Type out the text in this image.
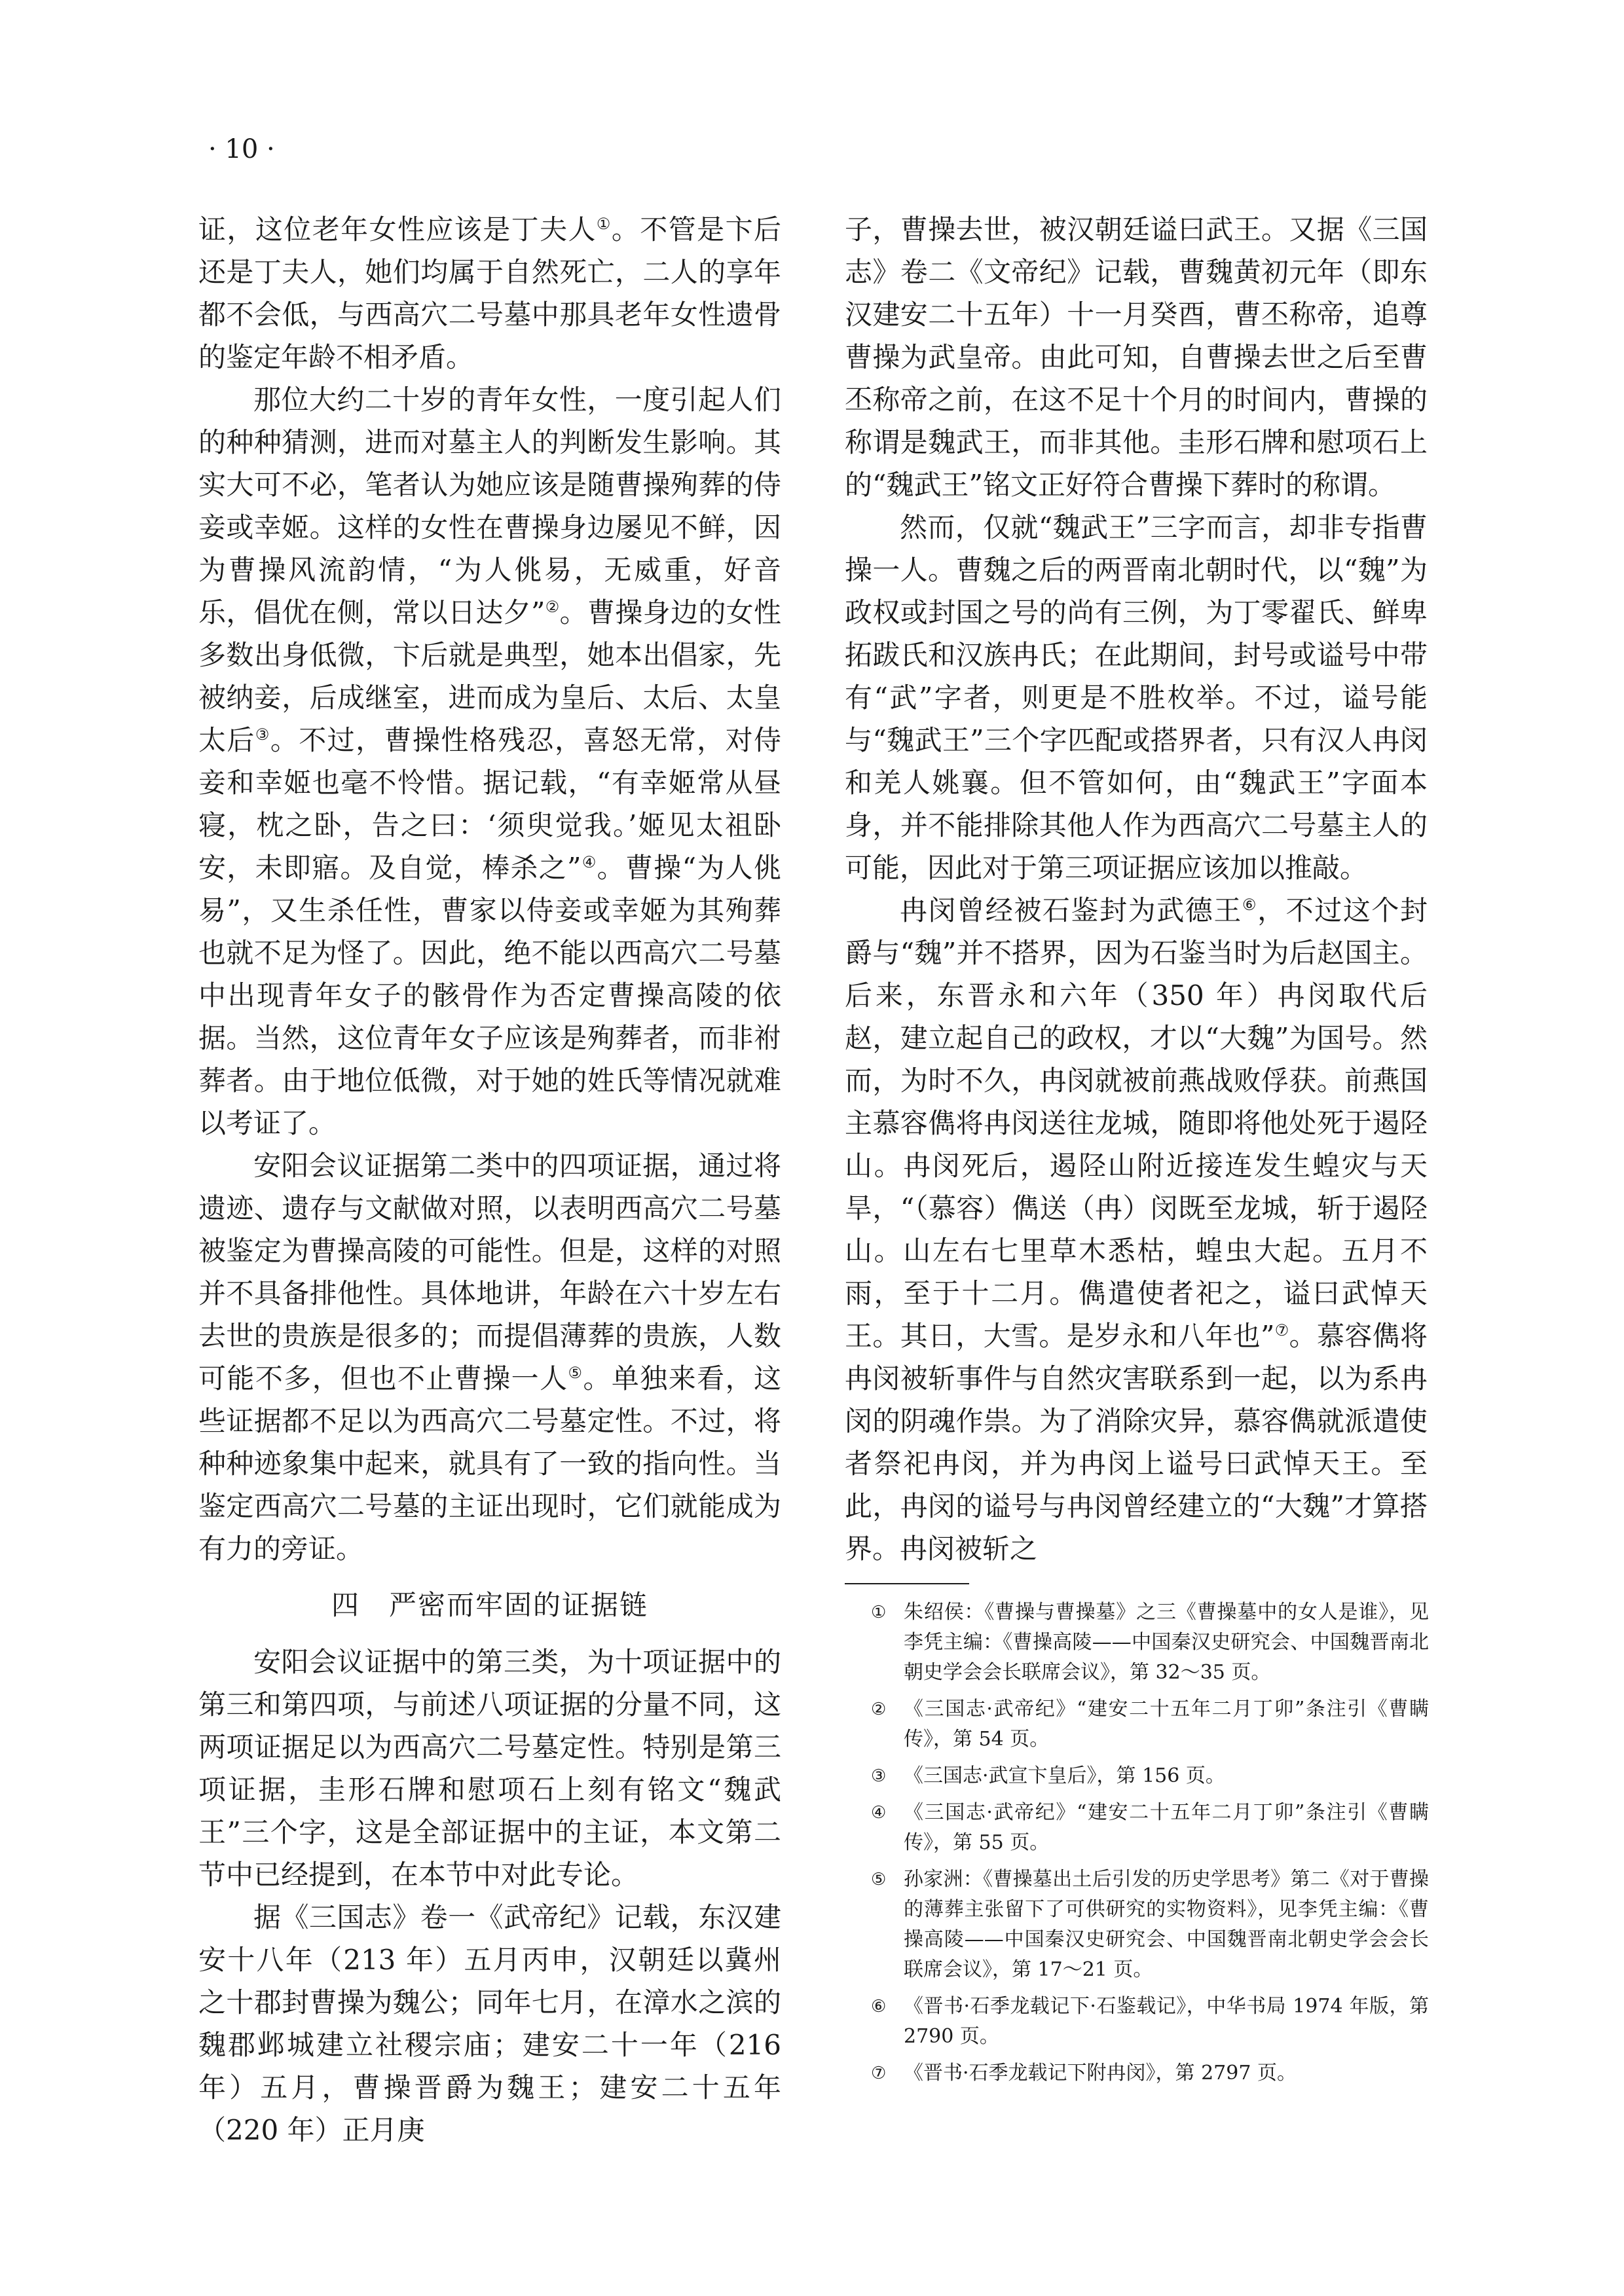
· 10 ·

证，这位老年女性应该是丁夫人①。不管是卞后还是丁夫人，她们均属于自然死亡，二人的享年都不会低，与西高穴二号墓中那具老年女性遗骨的鉴定年龄不相矛盾。

那位大约二十岁的青年女性，一度引起人们的种种猜测，进而对墓主人的判断发生影响。其实大可不必，笔者认为她应该是随曹操殉葬的侍妾或幸姬。这样的女性在曹操身边屡见不鲜，因为曹操风流韵情，“为人佻易，无威重，好音乐，倡优在侧，常以日达夕”②。曹操身边的女性多数出身低微，卞后就是典型，她本出倡家，先被纳妾，后成继室，进而成为皇后、太后、太皇太后③。不过，曹操性格残忍，喜怒无常，对侍妾和幸姬也毫不怜惜。据记载，“有幸姬常从昼寝，枕之卧，告之曰：‘须臾觉我。’姬见太祖卧安，未即寤。及自觉，棒杀之”④。曹操“为人佻易”，又生杀任性，曹家以侍妾或幸姬为其殉葬也就不足为怪了。因此，绝不能以西高穴二号墓中出现青年女子的骸骨作为否定曹操高陵的依据。当然，这位青年女子应该是殉葬者，而非祔葬者。由于地位低微，对于她的姓氏等情况就难以考证了。

安阳会议证据第二类中的四项证据，通过将遗迹、遗存与文献做对照，以表明西高穴二号墓被鉴定为曹操高陵的可能性。但是，这样的对照并不具备排他性。具体地讲，年龄在六十岁左右去世的贵族是很多的；而提倡薄葬的贵族，人数可能不多，但也不止曹操一人⑤。单独来看，这些证据都不足以为西高穴二号墓定性。不过，将种种迹象集中起来，就具有了一致的指向性。当鉴定西高穴二号墓的主证出现时，它们就能成为有力的旁证。

四　严密而牢固的证据链

安阳会议证据中的第三类，为十项证据中的第三和第四项，与前述八项证据的分量不同，这两项证据足以为西高穴二号墓定性。特别是第三项证据，圭形石牌和慰项石上刻有铭文“魏武王”三个字，这是全部证据中的主证，本文第二节中已经提到，在本节中对此专论。

据《三国志》卷一《武帝纪》记载，东汉建安十八年（213 年）五月丙申，汉朝廷以冀州之十郡封曹操为魏公；同年七月，在漳水之滨的魏郡邺城建立社稷宗庙；建安二十一年（216 年）五月，曹操晋爵为魏王；建安二十五年（220 年）正月庚

子，曹操去世，被汉朝廷谥曰武王。又据《三国志》卷二《文帝纪》记载，曹魏黄初元年（即东汉建安二十五年）十一月癸酉，曹丕称帝，追尊曹操为武皇帝。由此可知，自曹操去世之后至曹丕称帝之前，在这不足十个月的时间内，曹操的称谓是魏武王，而非其他。圭形石牌和慰项石上的“魏武王”铭文正好符合曹操下葬时的称谓。

然而，仅就“魏武王”三字而言，却非专指曹操一人。曹魏之后的两晋南北朝时代，以“魏”为政权或封国之号的尚有三例，为丁零翟氏、鲜卑拓跋氏和汉族冉氏；在此期间，封号或谥号中带有“武”字者，则更是不胜枚举。不过，谥号能与“魏武王”三个字匹配或搭界者，只有汉人冉闵和羌人姚襄。但不管如何，由“魏武王”字面本身，并不能排除其他人作为西高穴二号墓主人的可能，因此对于第三项证据应该加以推敲。

冉闵曾经被石鉴封为武德王⑥，不过这个封爵与“魏”并不搭界，因为石鉴当时为后赵国主。后来，东晋永和六年（350 年）冉闵取代后赵，建立起自己的政权，才以“大魏”为国号。然而，为时不久，冉闵就被前燕战败俘获。前燕国主慕容儁将冉闵送往龙城，随即将他处死于遏陉山。冉闵死后，遏陉山附近接连发生蝗灾与天旱，“（慕容）儁送（冉）闵既至龙城，斩于遏陉山。山左右七里草木悉枯，蝗虫大起。五月不雨，至于十二月。儁遣使者祀之，谥曰武悼天王。其日，大雪。是岁永和八年也”⑦。慕容儁将冉闵被斩事件与自然灾害联系到一起，以为系冉闵的阴魂作祟。为了消除灾异，慕容儁就派遣使者祭祀冉闵，并为冉闵上谥号曰武悼天王。至此，冉闵的谥号与冉闵曾经建立的“大魏”才算搭界。冉闵被斩之

① 朱绍侯：《曹操与曹操墓》之三《曹操墓中的女人是谁》，见李凭主编：《曹操高陵——中国秦汉史研究会、中国魏晋南北朝史学会会长联席会议》，第 32～35 页。
② 《三国志·武帝纪》“建安二十五年二月丁卯”条注引《曹瞒传》，第 54 页。
③ 《三国志·武宣卞皇后》，第 156 页。
④ 《三国志·武帝纪》“建安二十五年二月丁卯”条注引《曹瞒传》，第 55 页。
⑤ 孙家洲：《曹操墓出土后引发的历史学思考》第二《对于曹操的薄葬主张留下了可供研究的实物资料》，见李凭主编：《曹操高陵——中国秦汉史研究会、中国魏晋南北朝史学会会长联席会议》，第 17～21 页。
⑥ 《晋书·石季龙载记下·石鉴载记》，中华书局 1974 年版，第 2790 页。
⑦ 《晋书·石季龙载记下附冉闵》，第 2797 页。
